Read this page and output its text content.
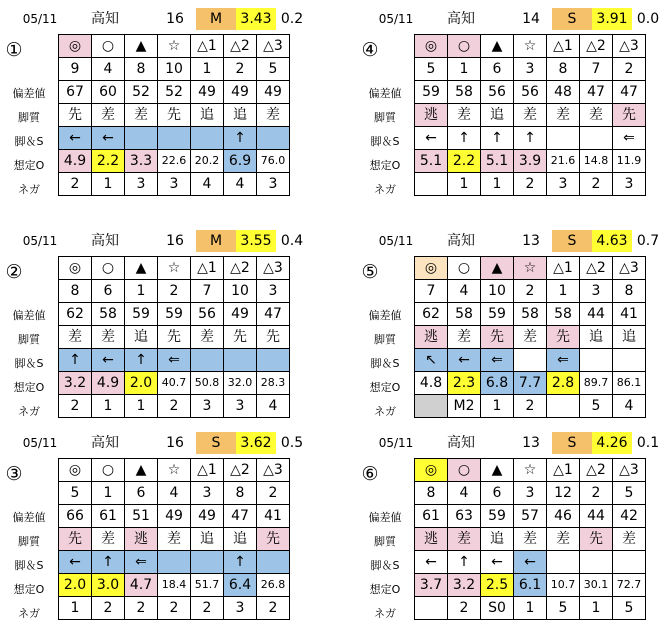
05/11	高知	16	M	3.43 0.2
①
偏差値
脚質
脚＆S
想定O
ネガ
◎	○	▲	☆	△1	△2	△3
9	4	8	10	1	2	5
67	60	52	52	49	49	49
先	差	差	先	追	追	差
←	←				↑	
4.9	2.2	3.3	22.6	20.2	6.9	76.0
2	1	3	3	4	4	3
05/11	高知	14	S	3.91 0.0
④
偏差値
脚質
脚＆S
想定O
ネガ
◎	○	▲	☆	△1	△2	△3
5	1	6	3	8	7	2
59	58	56	56	48	47	47
逃	差	追	差	差	差	先
←	↑	↑	↑			⇐
5.1	2.2	5.1	3.9	21.6	14.8	11.9
	1	1	2	3	2	3
05/11	高知	16	M	3.55 0.4
②
偏差値
脚質
脚＆S
想定O
ネガ
◎	○	▲	☆	△1	△2	△3
8	6	1	2	7	10	3
62	58	59	59	56	49	47
差	差	追	先	差	先	先
↑	←	↑	⇐			
3.2	4.9	2.0	40.7	50.8	32.0	28.3
2	1	1	2	3	3	4
05/11	高知	13	S	4.63 0.7
⑤
偏差値
脚質
脚＆S
想定O
ネガ
◎	○	▲	☆	△1	△2	△3
7	4	10	2	1	3	8
62	58	59	58	58	44	41
逃	差	先	差	先	追	追
↖	←	⇐		⇐		
4.8	2.3	6.8	7.7	2.8	89.7	86.1
	M2	1	2		5	4
05/11	高知	16	S	3.62 0.5
③
偏差値
脚質
脚＆S
想定O
ネガ
◎	○	▲	☆	△1	△2	△3
5	1	6	4	3	8	2
66	61	51	49	49	47	41
先	差	逃	差	追	追	先
←	↑	⇐			↑	
2.0	3.0	4.7	18.4	51.7	6.4	26.8
1	2	2	2	2	3	2
05/11	高知	13	S	4.26 0.1
⑥
偏差値
脚質
脚＆S
想定O
ネガ
◎	○	▲	☆	△1	△2	△3
8	4	6	3	12	2	5
61	63	59	57	46	44	42
逃	差	追	差	差	先	差
←	↑	←	←			
3.7	3.2	2.5	6.1	10.7	30.1	72.7
	2	S0	1	5	1	5
